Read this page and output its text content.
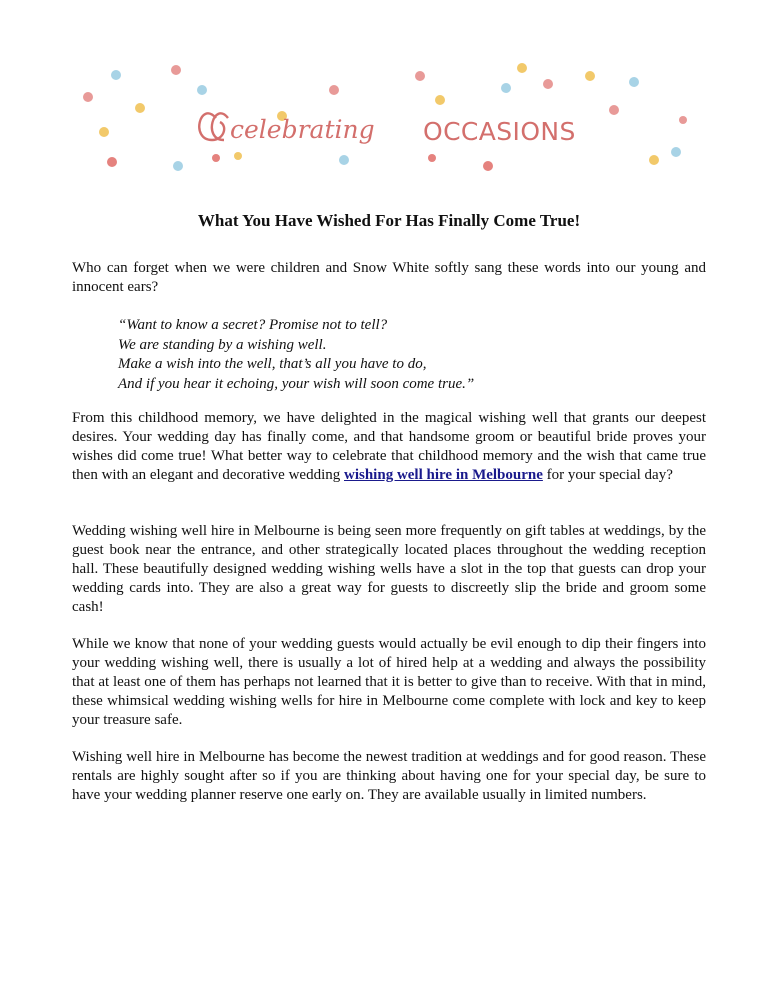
celebrating OCCASIONS
What You Have Wished For Has Finally Come True!

Who can forget when we were children and Snow White softly sang these words into our young and innocent ears?

“Want to know a secret? Promise not to tell?
We are standing by a wishing well.
Make a wish into the well, that’s all you have to do,
And if you hear it echoing, your wish will soon come true.”

From this childhood memory, we have delighted in the magical wishing well that grants our deepest desires. Your wedding day has finally come, and that handsome groom or beautiful bride proves your wishes did come true! What better way to celebrate that childhood memory and the wish that came true then with an elegant and decorative wedding wishing well hire in Melbourne for your special day?

Wedding wishing well hire in Melbourne is being seen more frequently on gift tables at weddings, by the guest book near the entrance, and other strategically located places throughout the wedding reception hall. These beautifully designed wedding wishing wells have a slot in the top that guests can drop your wedding cards into. They are also a great way for guests to discreetly slip the bride and groom some cash!

While we know that none of your wedding guests would actually be evil enough to dip their fingers into your wedding wishing well, there is usually a lot of hired help at a wedding and always the possibility that at least one of them has perhaps not learned that it is better to give than to receive. With that in mind, these whimsical wedding wishing wells for hire in Melbourne come complete with lock and key to keep your treasure safe.

Wishing well hire in Melbourne has become the newest tradition at weddings and for good reason. These rentals are highly sought after so if you are thinking about having one for your special day, be sure to have your wedding planner reserve one early on. They are available usually in limited numbers.
